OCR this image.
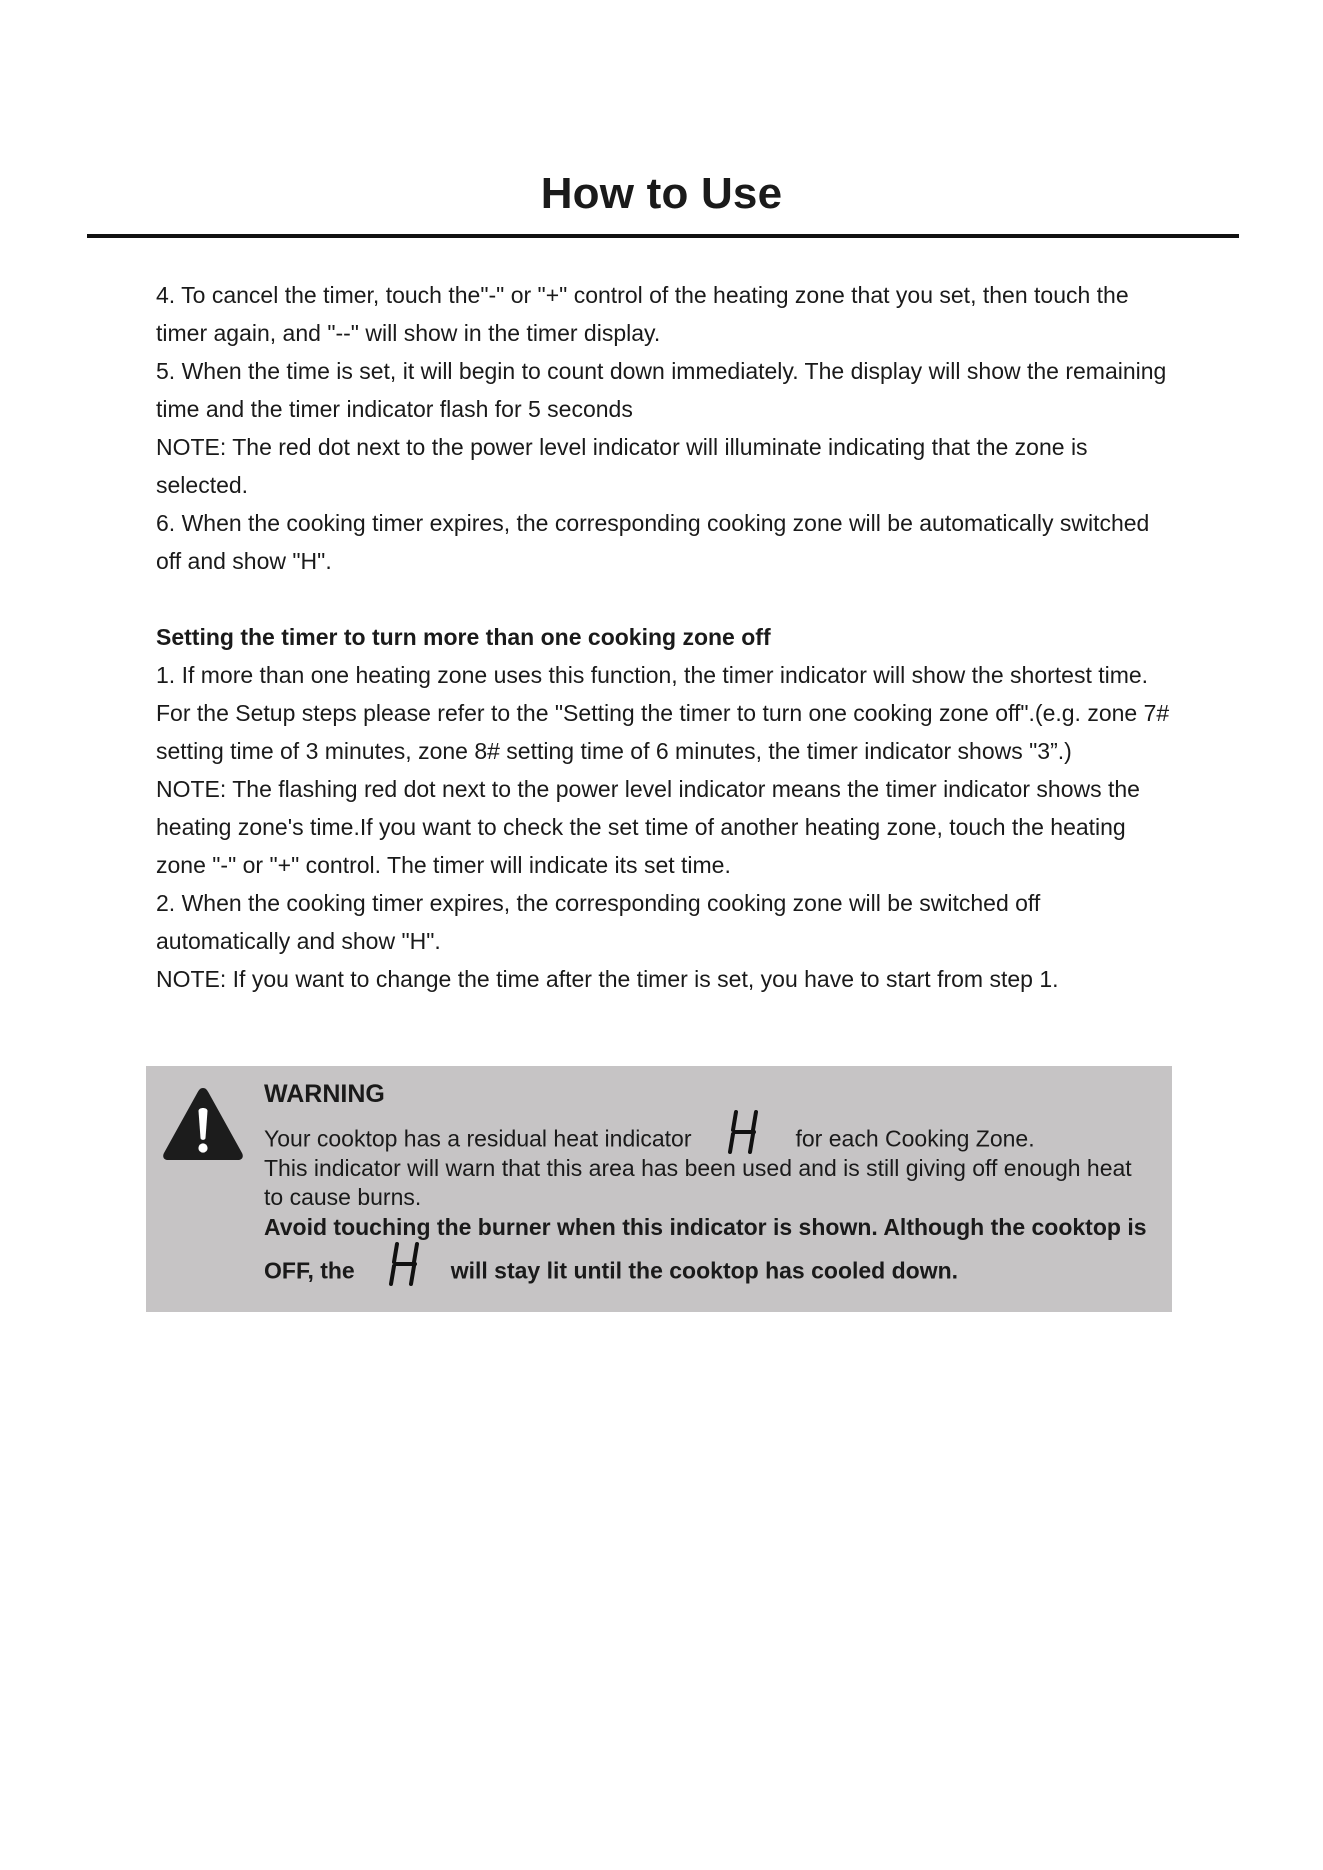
How to Use

4. To cancel the timer, touch the"-" or "+" control of the heating zone that you set, then touch the timer again, and "--" will show in the timer display.

5. When the time is set, it will begin to count down immediately. The display will show the remaining time and the timer indicator flash for 5 seconds

NOTE: The red dot next to the power level indicator will illuminate indicating that the zone is selected.

6. When the cooking timer expires, the corresponding cooking zone will be automatically switched off and show "H".

Setting the timer to turn more than one cooking zone off

1. If more than one heating zone uses this function, the timer indicator will show the shortest time. For the Setup steps please refer to the "Setting the timer to turn one cooking zone off".(e.g. zone 7# setting time of 3 minutes, zone 8# setting time of 6 minutes, the timer indicator shows "3”.)

NOTE: The flashing red dot next to the power level indicator means the timer indicator shows the heating zone's time.If you want to check the set time of another heating zone, touch the heating zone "-" or "+" control. The timer will indicate its set time.

2. When the cooking timer expires, the corresponding cooking zone will be switched off automatically and show "H".

NOTE: If you want to change the time after the timer is set, you have to start from step 1.

WARNING

Your cooktop has a residual heat indicator	for each Cooking Zone.

This indicator will warn that this area has been used and is still giving off enough heat to cause burns.

Avoid touching the burner when this indicator is shown. Although the cooktop is OFF, the	will stay lit until the cooktop has cooled down.
